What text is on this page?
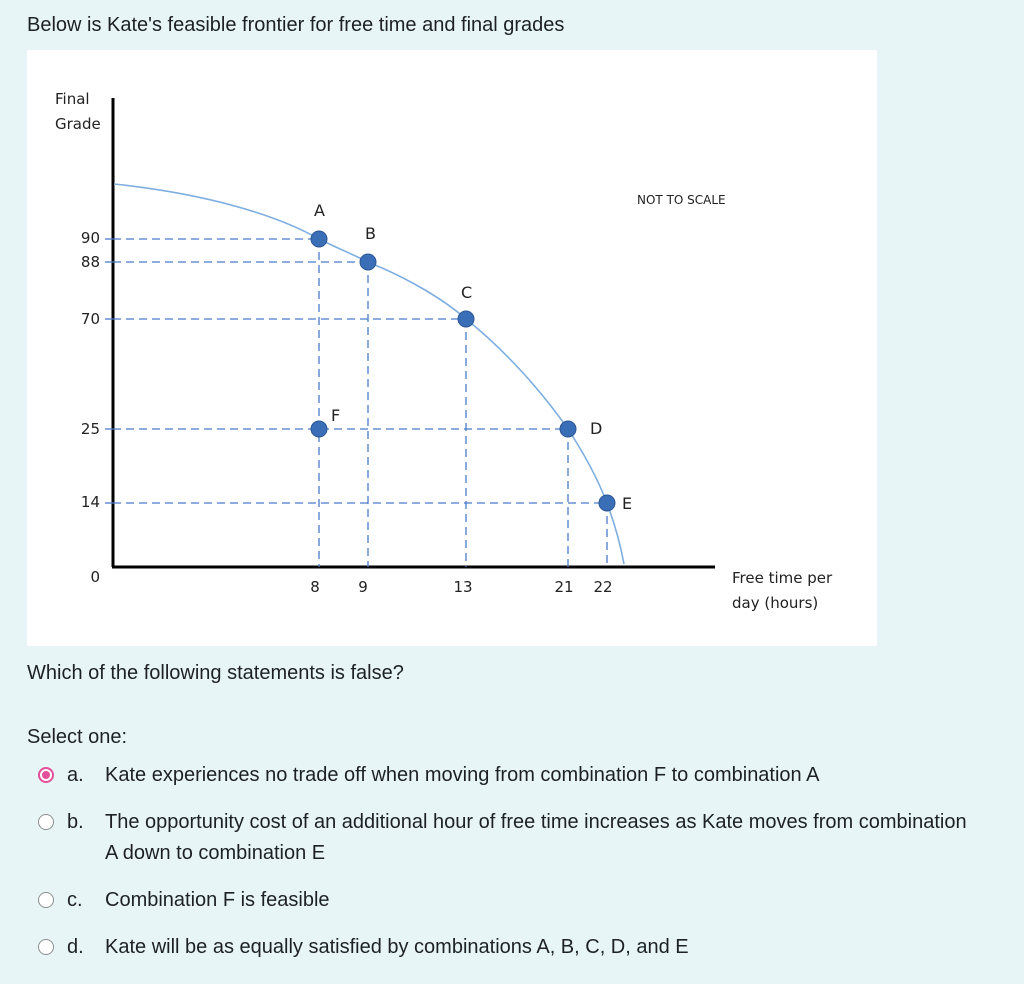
Below is Kate's feasible frontier for free time and final grades
Final
Grade
Free time per
day (hours)
NOT TO SCALE
90
88
70
25
14
0
8	9	13	21 22
A
B
C
D
E
F
Which of the following statements is false?
Select one:
a.	Kate experiences no trade off when moving from combination F to combination A
b.	The opportunity cost of an additional hour of free time increases as Kate moves from combination A down to combination E
c.	Combination F is feasible
d.	Kate will be as equally satisfied by combinations A, B, C, D, and E
